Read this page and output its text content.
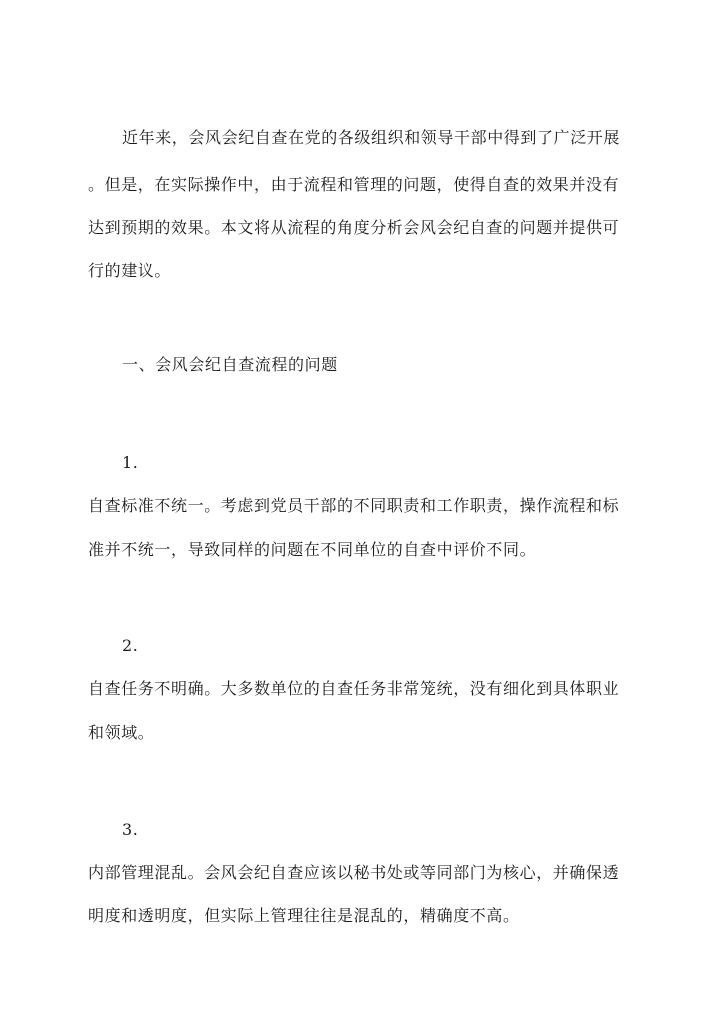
近年来，会风会纪自查在党的各级组织和领导干部中得到了广泛开展
。但是，在实际操作中，由于流程和管理的问题，使得自查的效果并没有
达到预期的效果。本文将从流程的角度分析会风会纪自查的问题并提供可
行的建议。
一、会风会纪自查流程的问题
1.
自查标准不统一。考虑到党员干部的不同职责和工作职责，操作流程和标
准并不统一，导致同样的问题在不同单位的自查中评价不同。
2.
自查任务不明确。大多数单位的自查任务非常笼统，没有细化到具体职业
和领域。
3.
内部管理混乱。会风会纪自查应该以秘书处或等同部门为核心，并确保透
明度和透明度，但实际上管理往往是混乱的，精确度不高。
